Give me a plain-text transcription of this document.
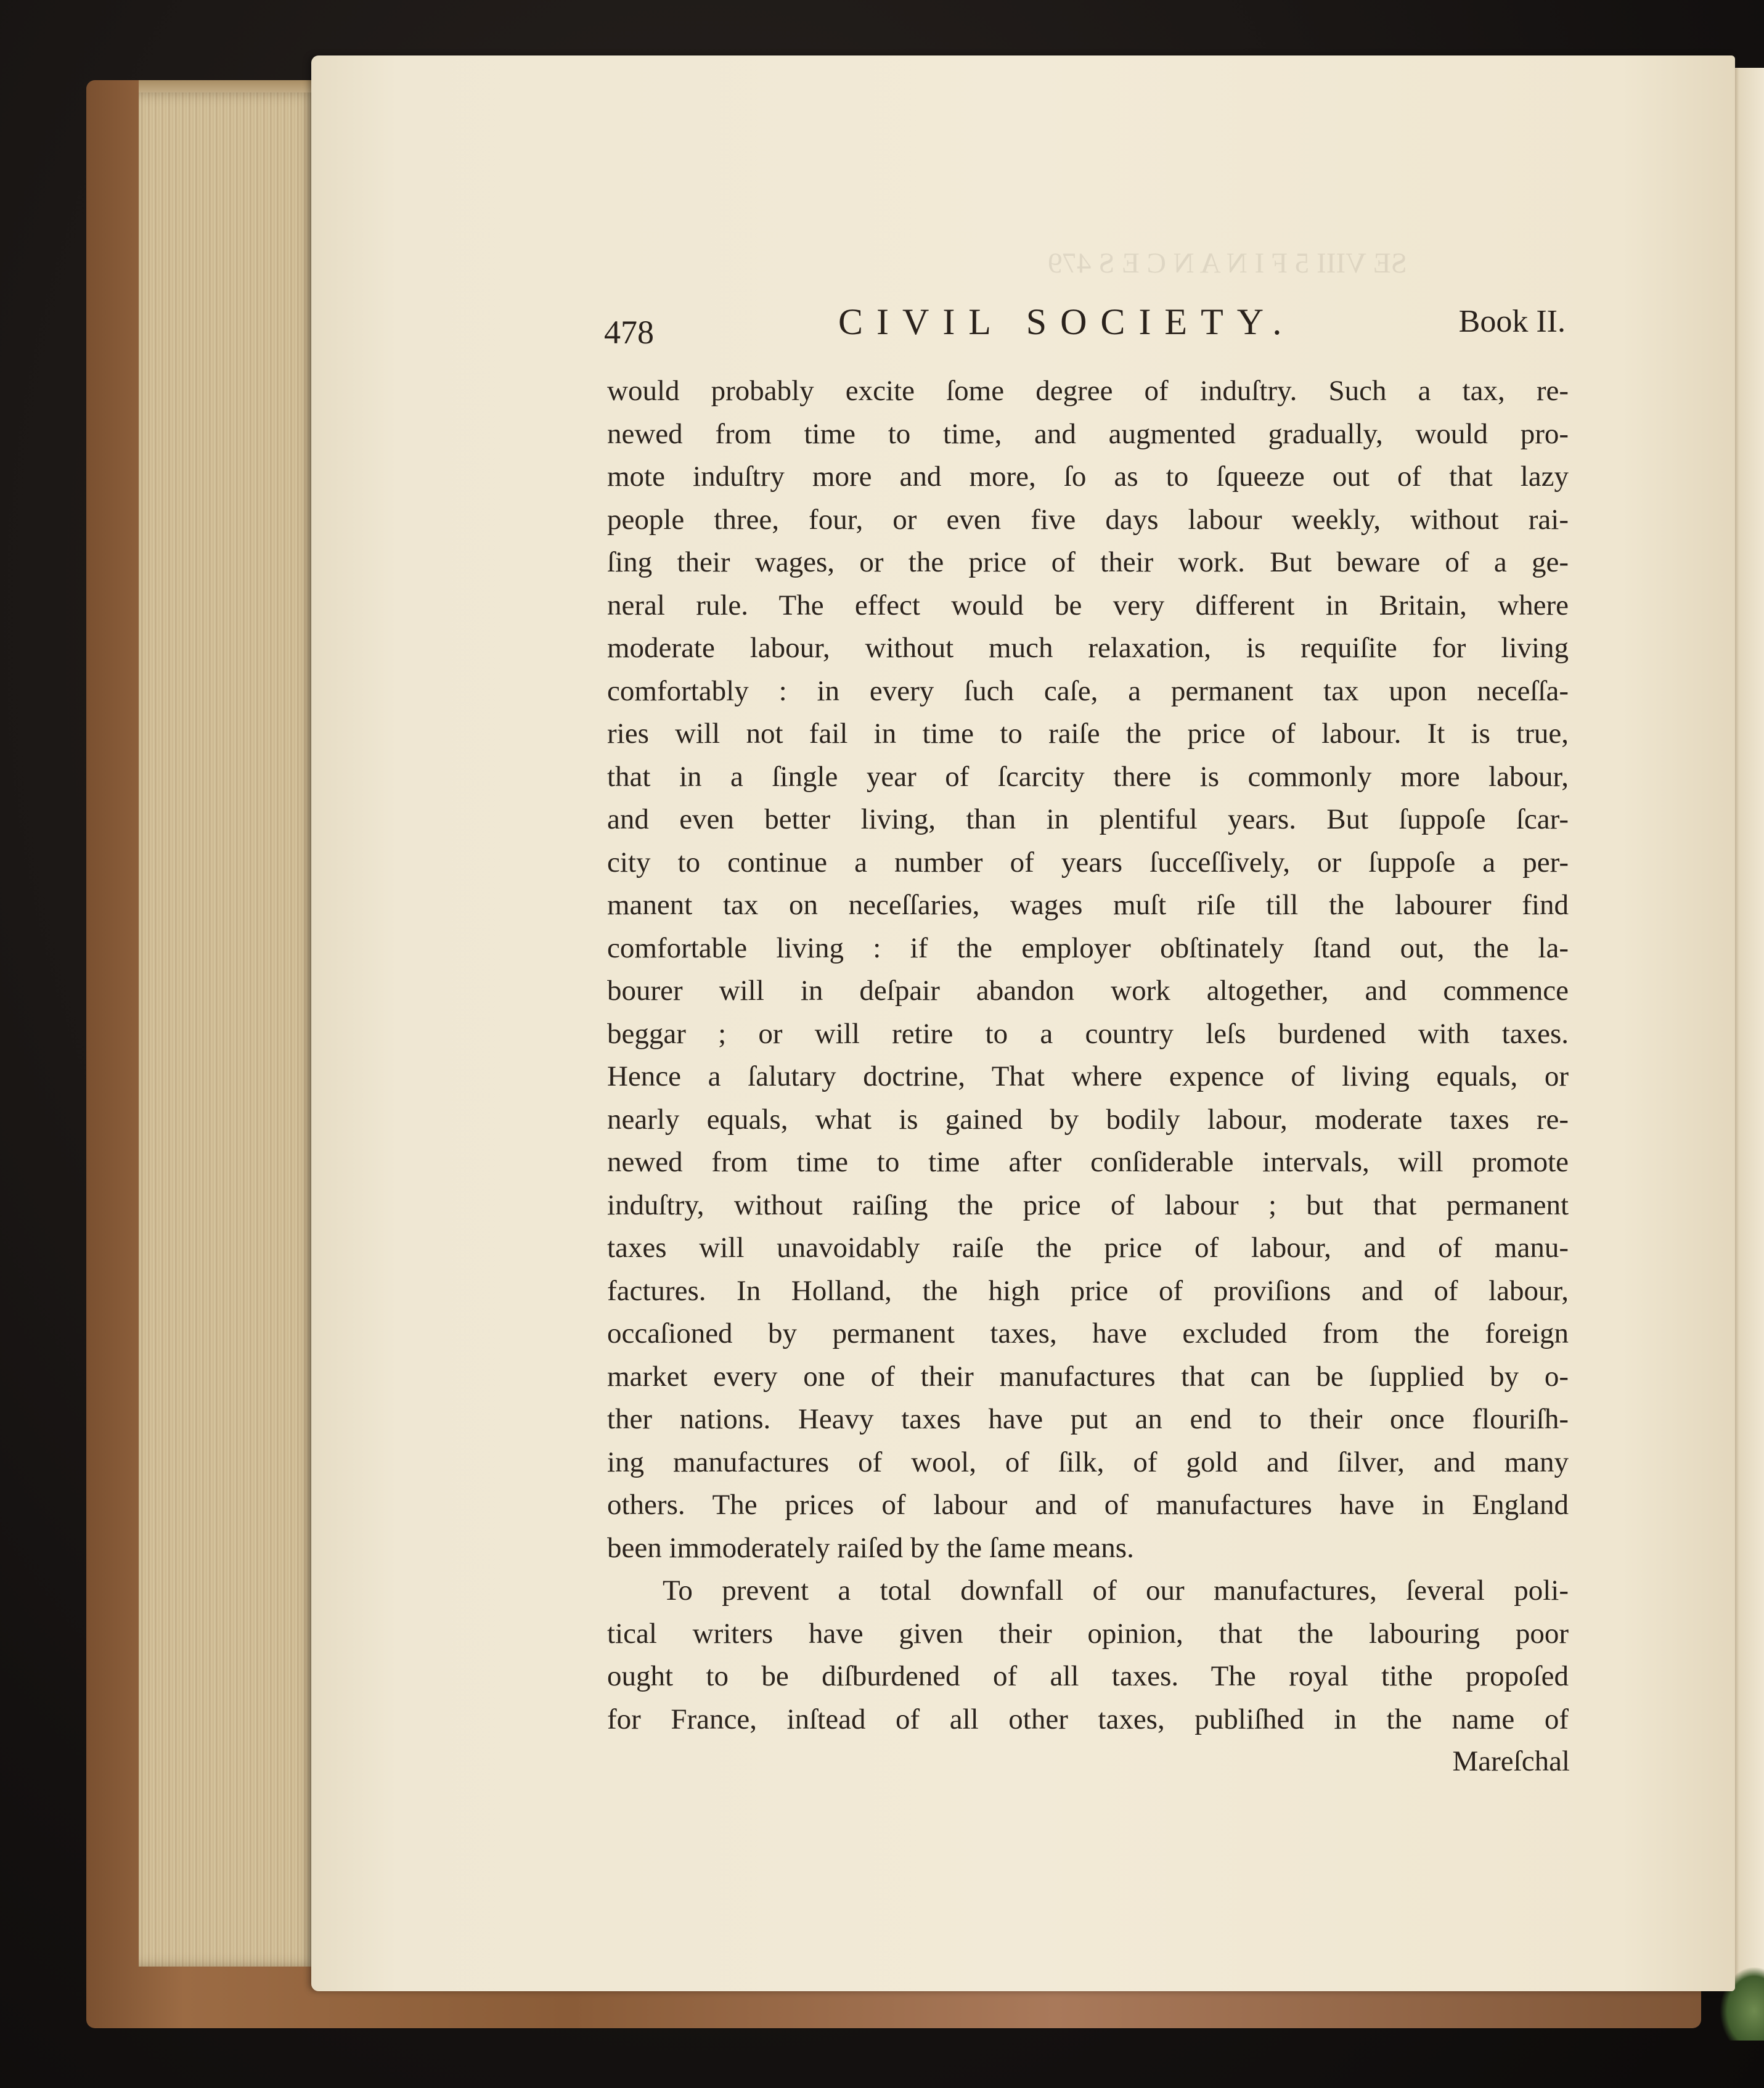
SE VIII 5 F I N A N C E S 479
478	CIVIL SOCIETY.	Book II.
would probably excite ſome degree of induſtry. Such a tax, re-
newed from time to time, and augmented gradually, would pro-
mote induſtry more and more, ſo as to ſqueeze out of that lazy
people three, four, or even five days labour weekly, without rai-
ſing their wages, or the price of their work. But beware of a ge-
neral rule. The effect would be very different in Britain, where
moderate labour, without much relaxation, is requiſite for living
comfortably : in every ſuch caſe, a permanent tax upon neceſſa-
ries will not fail in time to raiſe the price of labour. It is true,
that in a ſingle year of ſcarcity there is commonly more labour,
and even better living, than in plentiful years. But ſuppoſe ſcar-
city to continue a number of years ſucceſſively, or ſuppoſe a per-
manent tax on neceſſaries, wages muſt riſe till the labourer find
comfortable living : if the employer obſtinately ſtand out, the la-
bourer will in deſpair abandon work altogether, and commence
beggar ; or will retire to a country leſs burdened with taxes.
Hence a ſalutary doctrine, That where expence of living equals, or
nearly equals, what is gained by bodily labour, moderate taxes re-
newed from time to time after conſiderable intervals, will promote
induſtry, without raiſing the price of labour ; but that permanent
taxes will unavoidably raiſe the price of labour, and of manu-
factures. In Holland, the high price of proviſions and of labour,
occaſioned by permanent taxes, have excluded from the foreign
market every one of their manufactures that can be ſupplied by o-
ther nations. Heavy taxes have put an end to their once flouriſh-
ing manufactures of wool, of ſilk, of gold and ſilver, and many
others. The prices of labour and of manufactures have in England
been immoderately raiſed by the ſame means.
To prevent a total downfall of our manufactures, ſeveral poli-
tical writers have given their opinion, that the labouring poor
ought to be diſburdened of all taxes. The royal tithe propoſed
for France, inſtead of all other taxes, publiſhed in the name of
Mareſchal
